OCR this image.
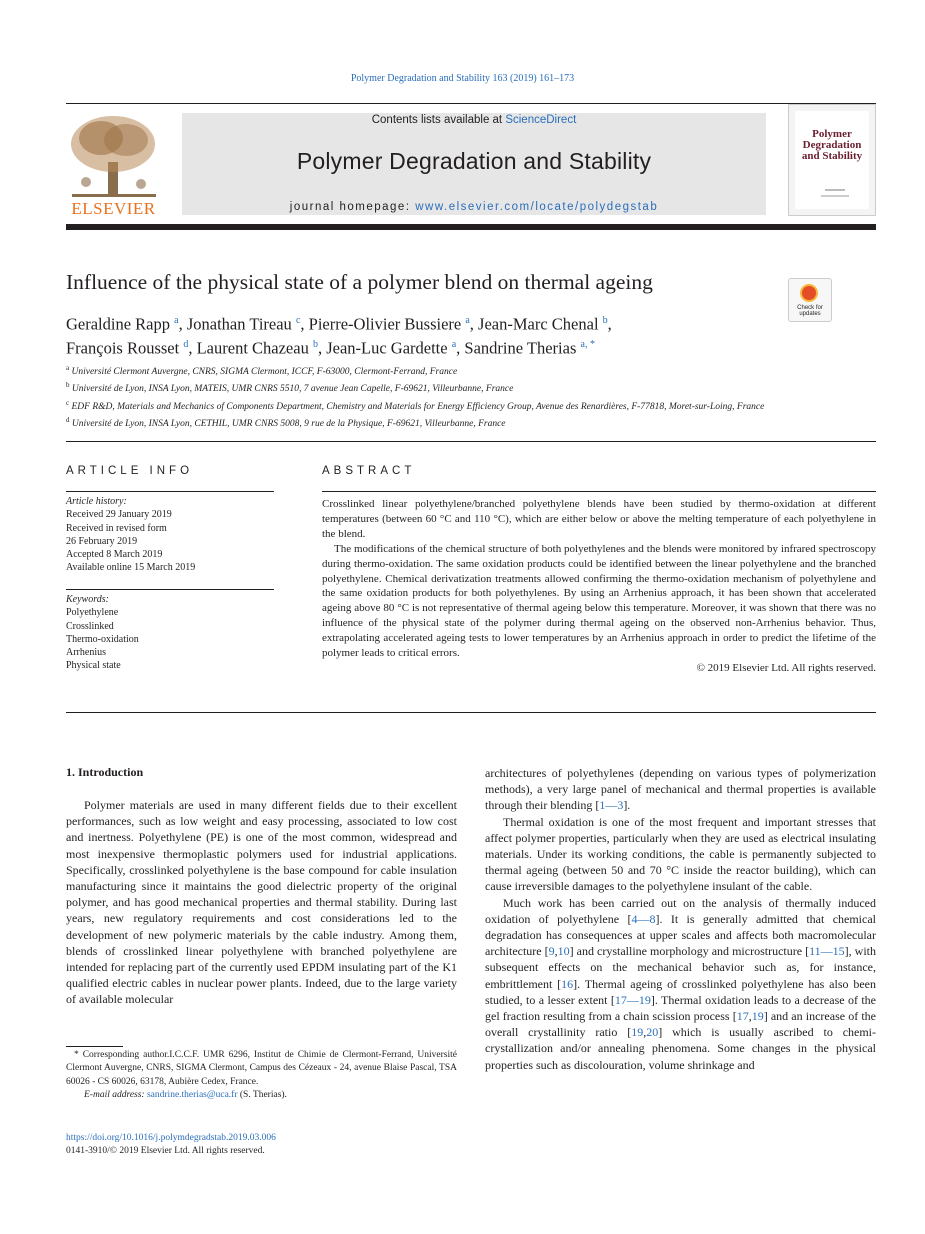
Polymer Degradation and Stability 163 (2019) 161–173
ELSEVIER
Contents lists available at ScienceDirect
Polymer Degradation and Stability
journal homepage: www.elsevier.com/locate/polydegstab
Polymer Degradation and Stability
Influence of the physical state of a polymer blend on thermal ageing
Check for updates
Geraldine Rapp $^a$, Jonathan Tireau $^c$, Pierre-Olivier Bussiere $^a$, Jean-Marc Chenal $^b$,
François Rousset $^d$, Laurent Chazeau $^b$, Jean-Luc Gardette $^a$, Sandrine Therias $^{a, *}$
$^a$ Université Clermont Auvergne, CNRS, SIGMA Clermont, ICCF, F-63000, Clermont-Ferrand, France
$^b$ Université de Lyon, INSA Lyon, MATEIS, UMR CNRS 5510, 7 avenue Jean Capelle, F-69621, Villeurbanne, France
$^c$ EDF R&D, Materials and Mechanics of Components Department, Chemistry and Materials for Energy Efficiency Group, Avenue des Renardières, F-77818, Moret-sur-Loing, France
$^d$ Université de Lyon, INSA Lyon, CETHIL, UMR CNRS 5008, 9 rue de la Physique, F-69621, Villeurbanne, France
ARTICLE INFO
Article history:
Received 29 January 2019
Received in revised form
26 February 2019
Accepted 8 March 2019
Available online 15 March 2019
Keywords:
Polyethylene
Crosslinked
Thermo-oxidation
Arrhenius
Physical state
ABSTRACT

Crosslinked linear polyethylene/branched polyethylene blends have been studied by thermo-oxidation at different temperatures (between 60 °C and 110 °C), which are either below or above the melting temperature of each polyethylene in the blend.

The modifications of the chemical structure of both polyethylenes and the blends were monitored by infrared spectroscopy during thermo-oxidation. The same oxidation products could be identified between the linear polyethylene and the branched polyethylene. Chemical derivatization treatments allowed confirming the thermo-oxidation mechanism of polyethylene and the same oxidation products for both polyethylenes. By using an Arrhenius approach, it has been shown that accelerated ageing above 80 °C is not representative of thermal ageing below this temperature. Moreover, it was shown that there was no influence of the physical state of the polymer during thermal ageing on the observed non-Arrhenius behavior. Thus, extrapolating accelerated ageing tests to lower temperatures by an Arrhenius approach in order to predict the lifetime of the polymer leads to critical errors.

© 2019 Elsevier Ltd. All rights reserved.
1. Introduction

Polymer materials are used in many different fields due to their excellent performances, such as low weight and easy processing, associated to low cost and inertness. Polyethylene (PE) is one of the most common, widespread and most inexpensive thermoplastic polymers used for industrial applications. Specifically, crosslinked polyethylene is the base compound for cable insulation manufacturing since it maintains the good dielectric property of the original polymer, and has good mechanical properties and thermal stability. During last years, new regulatory requirements and cost considerations led to the development of new polymeric materials by the cable industry. Among them, blends of crosslinked linear polyethylene with branched polyethylene are intended for replacing part of the currently used EPDM insulating part of the K1 qualified electric cables in nuclear power plants. Indeed, due to the large variety of available molecular

architectures of polyethylenes (depending on various types of polymerization methods), a very large panel of mechanical and thermal properties is available through their blending [1—3].

Thermal oxidation is one of the most frequent and important stresses that affect polymer properties, particularly when they are used as electrical insulating materials. Under its working conditions, the cable is permanently subjected to thermal ageing (between 50 and 70 °C inside the reactor building), which can cause irreversible damages to the polyethylene insulant of the cable.

Much work has been carried out on the analysis of thermally induced oxidation of polyethylene [4—8]. It is generally admitted that chemical degradation has consequences at upper scales and affects both macromolecular architecture [9,10] and crystalline morphology and microstructure [11—15], with subsequent effects on the mechanical behavior such as, for instance, embrittlement [16]. Thermal ageing of crosslinked polyethylene has also been studied, to a lesser extent [17—19]. Thermal oxidation leads to a decrease of the gel fraction resulting from a chain scission process [17,19] and an increase of the overall crystallinity ratio [19,20] which is usually ascribed to chemi-crystallization and/or annealing phenomena. Some changes in the physical properties such as discolouration, volume shrinkage and

* Corresponding author.I.C.C.F. UMR 6296, Institut de Chimie de Clermont-Ferrand, Université Clermont Auvergne, CNRS, SIGMA Clermont, Campus des Cézeaux - 24, avenue Blaise Pascal, TSA 60026 - CS 60026, 63178, Aubière Cedex, France.
E-mail address: sandrine.therias@uca.fr (S. Therias).
https://doi.org/10.1016/j.polymdegradstab.2019.03.006
0141-3910/© 2019 Elsevier Ltd. All rights reserved.
